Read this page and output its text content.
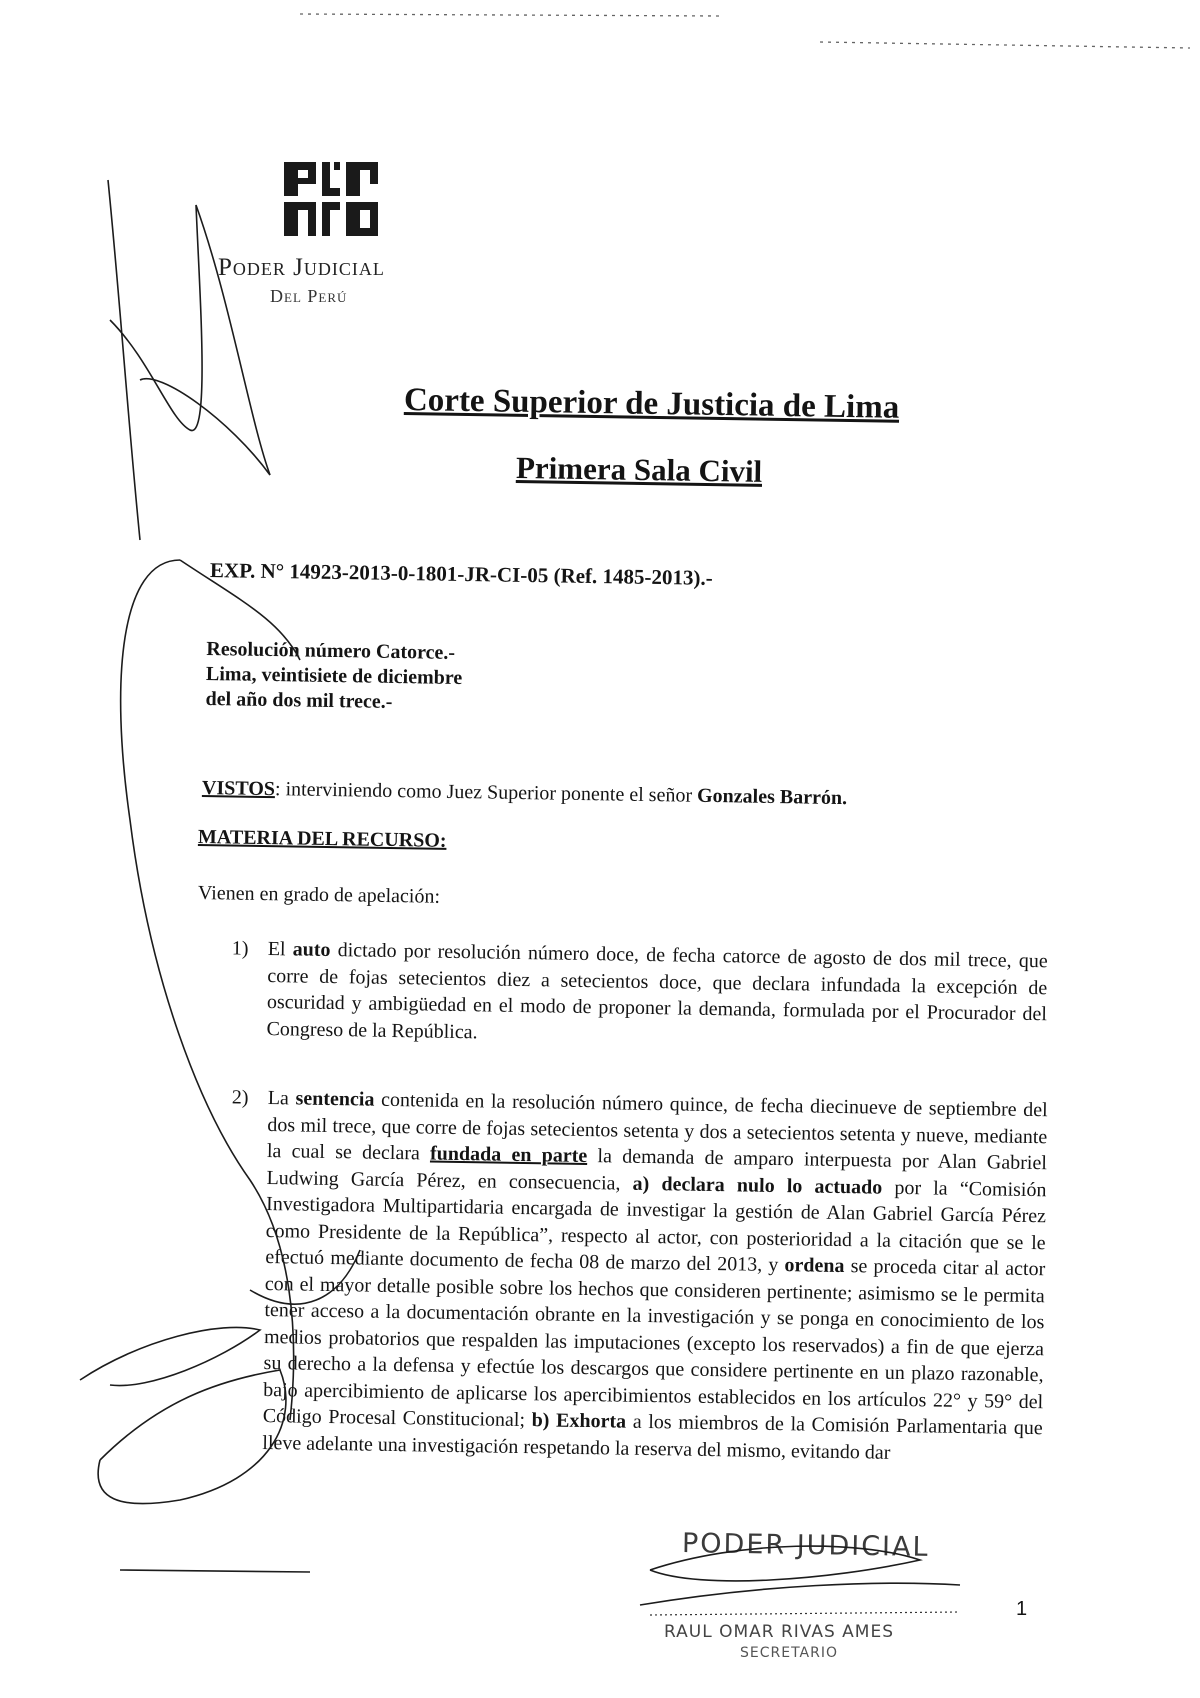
Poder Judicial
Del Perú
Corte Superior de Justicia de Lima
Primera Sala Civil
EXP. N° 14923-2013-0-1801-JR-CI-05 (Ref. 1485-2013).-
Resolución número Catorce.-
Lima, veintisiete de diciembre
del año dos mil trece.-
VISTOS: interviniendo como Juez Superior ponente el señor Gonzales Barrón.
MATERIA DEL RECURSO:
Vienen en grado de apelación:
1) El auto dictado por resolución número doce, de fecha catorce de agosto de dos mil trece, que corre de fojas setecientos diez a setecientos doce, que declara infundada la excepción de oscuridad y ambigüedad en el modo de proponer la demanda, formulada por el Procurador del Congreso de la República.
2) La sentencia contenida en la resolución número quince, de fecha diecinueve de septiembre del dos mil trece, que corre de fojas setecientos setenta y dos a setecientos setenta y nueve, mediante la cual se declara fundada en parte la demanda de amparo interpuesta por Alan Gabriel Ludwing García Pérez, en consecuencia, a) declara nulo lo actuado por la “Comisión Investigadora Multipartidaria encargada de investigar la gestión de Alan Gabriel García Pérez como Presidente de la República”, respecto al actor, con posterioridad a la citación que se le efectuó mediante documento de fecha 08 de marzo del 2013, y ordena se proceda citar al actor con el mayor detalle posible sobre los hechos que consideren pertinente; asimismo se le permita tener acceso a la documentación obrante en la investigación y se ponga en conocimiento de los medios probatorios que respalden las imputaciones (excepto los reservados) a fin de que ejerza su derecho a la defensa y efectúe los descargos que considere pertinente en un plazo razonable, bajo apercibimiento de aplicarse los apercibimientos establecidos en los artículos 22° y 59° del Código Procesal Constitucional; b) Exhorta a los miembros de la Comisión Parlamentaria que lleve adelante una investigación respetando la reserva del mismo, evitando dar
PODER JUDICIAL
RAUL OMAR RIVAS AMES
SECRETARIO
1
